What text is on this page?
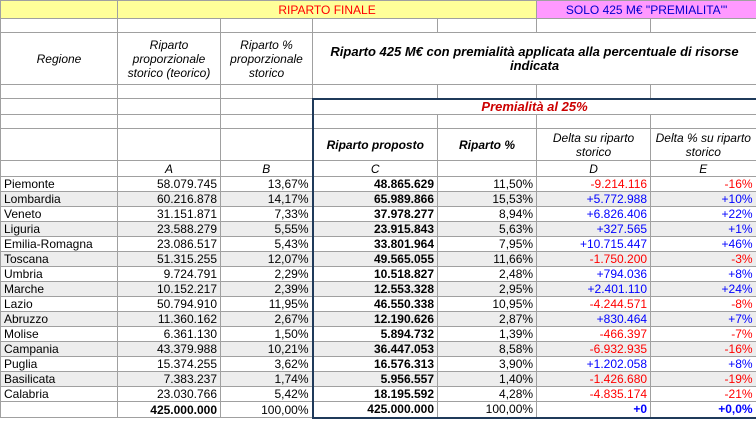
	RIPARTO FINALE				SOLO 425 M€ "PREMIALITA'"	

Regione	Riparto proporzionale storico (teorico)	Riparto % proporzionale storico	Riparto 425 M€ con premialità applicata alla percentuale di risorse indicata			

			Premialità al 25%			

			Riparto proposto	Riparto %	Delta su riparto storico	Delta % su riparto storico
	A	B	C		D	E
Piemonte	58.079.745	13,67%	48.865.629	11,50%	-9.214.116	-16%
Lombardia	60.216.878	14,17%	65.989.866	15,53%	+5.772.988	+10%
Veneto	31.151.871	7,33%	37.978.277	8,94%	+6.826.406	+22%
Liguria	23.588.279	5,55%	23.915.843	5,63%	+327.565	+1%
Emilia-Romagna	23.086.517	5,43%	33.801.964	7,95%	+10.715.447	+46%
Toscana	51.315.255	12,07%	49.565.055	11,66%	-1.750.200	-3%
Umbria	9.724.791	2,29%	10.518.827	2,48%	+794.036	+8%
Marche	10.152.217	2,39%	12.553.328	2,95%	+2.401.110	+24%
Lazio	50.794.910	11,95%	46.550.338	10,95%	-4.244.571	-8%
Abruzzo	11.360.162	2,67%	12.190.626	2,87%	+830.464	+7%
Molise	6.361.130	1,50%	5.894.732	1,39%	-466.397	-7%
Campania	43.379.988	10,21%	36.447.053	8,58%	-6.932.935	-16%
Puglia	15.374.255	3,62%	16.576.313	3,90%	+1.202.058	+8%
Basilicata	7.383.237	1,74%	5.956.557	1,40%	-1.426.680	-19%
Calabria	23.030.766	5,42%	18.195.592	4,28%	-4.835.174	-21%
	425.000.000	100,00%	425.000.000	100,00%	+0	+0,0%
